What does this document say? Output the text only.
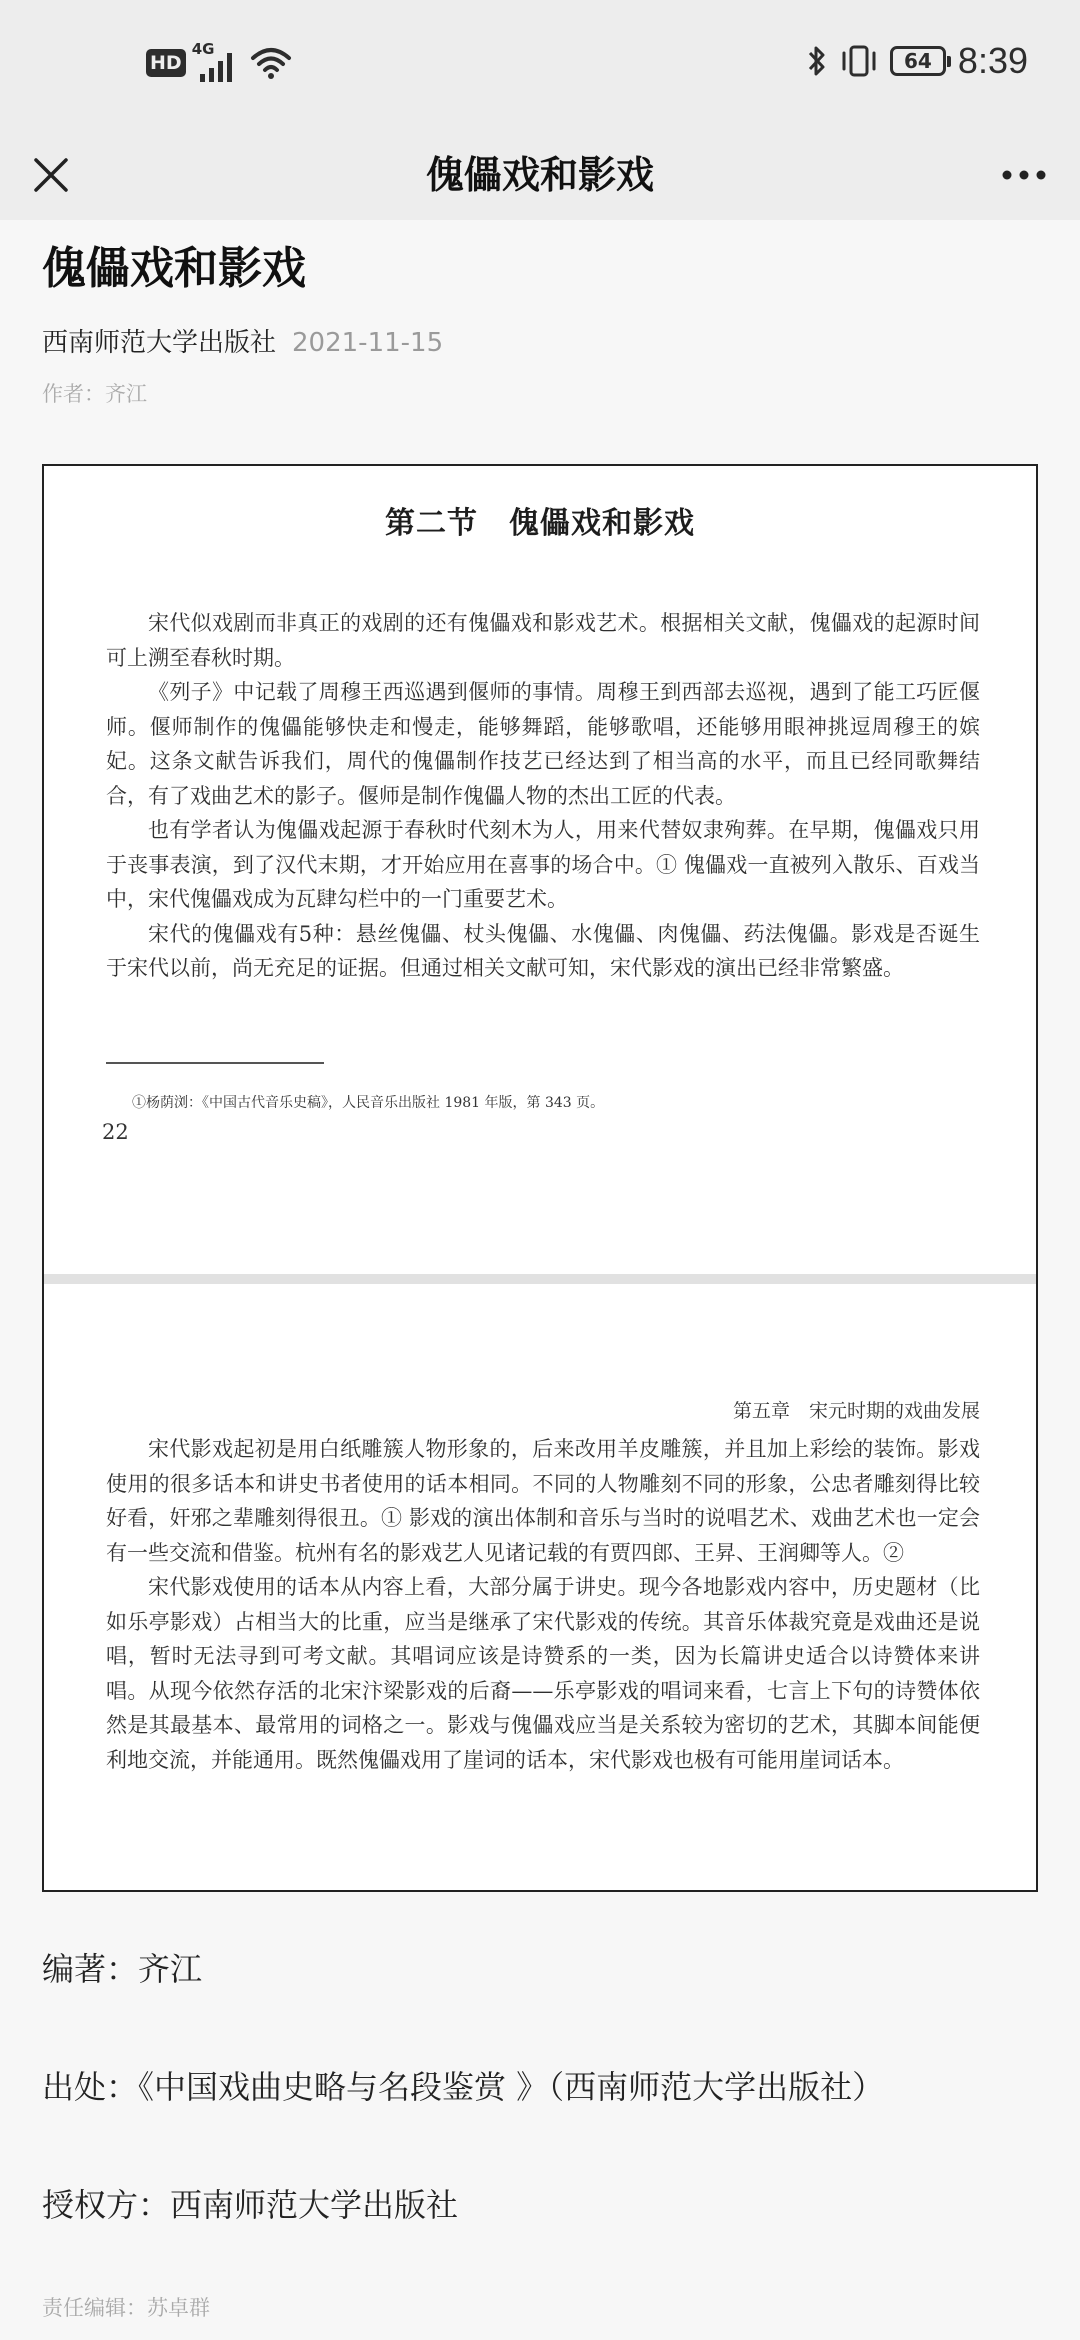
HD
4G	64 8:39
傀儡戏和影戏
傀儡戏和影戏
西南师范大学出版社 2021-11-15
作者：齐江
第二节　傀儡戏和影戏

宋代似戏剧而非真正的戏剧的还有傀儡戏和影戏艺术。根据相关文献，傀儡戏的起源时间可上溯至春秋时期。

《列子》中记载了周穆王西巡遇到偃师的事情。周穆王到西部去巡视，遇到了能工巧匠偃师。偃师制作的傀儡能够快走和慢走，能够舞蹈，能够歌唱，还能够用眼神挑逗周穆王的嫔妃。这条文献告诉我们，周代的傀儡制作技艺已经达到了相当高的水平，而且已经同歌舞结合，有了戏曲艺术的影子。偃师是制作傀儡人物的杰出工匠的代表。

也有学者认为傀儡戏起源于春秋时代刻木为人，用来代替奴隶殉葬。在早期，傀儡戏只用于丧事表演，到了汉代末期，才开始应用在喜事的场合中。① 傀儡戏一直被列入散乐、百戏当中，宋代傀儡戏成为瓦肆勾栏中的一门重要艺术。

宋代的傀儡戏有5种：悬丝傀儡、杖头傀儡、水傀儡、肉傀儡、药法傀儡。影戏是否诞生于宋代以前，尚无充足的证据。但通过相关文献可知，宋代影戏的演出已经非常繁盛。

①杨荫浏：《中国古代音乐史稿》，人民音乐出版社 1981 年版，第 343 页。
22
第五章　宋元时期的戏曲发展

宋代影戏起初是用白纸雕簇人物形象的，后来改用羊皮雕簇，并且加上彩绘的装饰。影戏使用的很多话本和讲史书者使用的话本相同。不同的人物雕刻不同的形象，公忠者雕刻得比较好看，奸邪之辈雕刻得很丑。① 影戏的演出体制和音乐与当时的说唱艺术、戏曲艺术也一定会有一些交流和借鉴。杭州有名的影戏艺人见诸记载的有贾四郎、王昇、王润卿等人。②

宋代影戏使用的话本从内容上看，大部分属于讲史。现今各地影戏内容中，历史题材（比如乐亭影戏）占相当大的比重，应当是继承了宋代影戏的传统。其音乐体裁究竟是戏曲还是说唱，暂时无法寻到可考文献。其唱词应该是诗赞系的一类，因为长篇讲史适合以诗赞体来讲唱。从现今依然存活的北宋汴梁影戏的后裔——乐亭影戏的唱词来看，七言上下句的诗赞体依然是其最基本、最常用的词格之一。影戏与傀儡戏应当是关系较为密切的艺术，其脚本间能便利地交流，并能通用。既然傀儡戏用了崖词的话本，宋代影戏也极有可能用崖词话本。

编著：齐江
出处：《中国戏曲史略与名段鉴赏 》（西南师范大学出版社）
授权方：西南师范大学出版社
责任编辑：苏卓群
